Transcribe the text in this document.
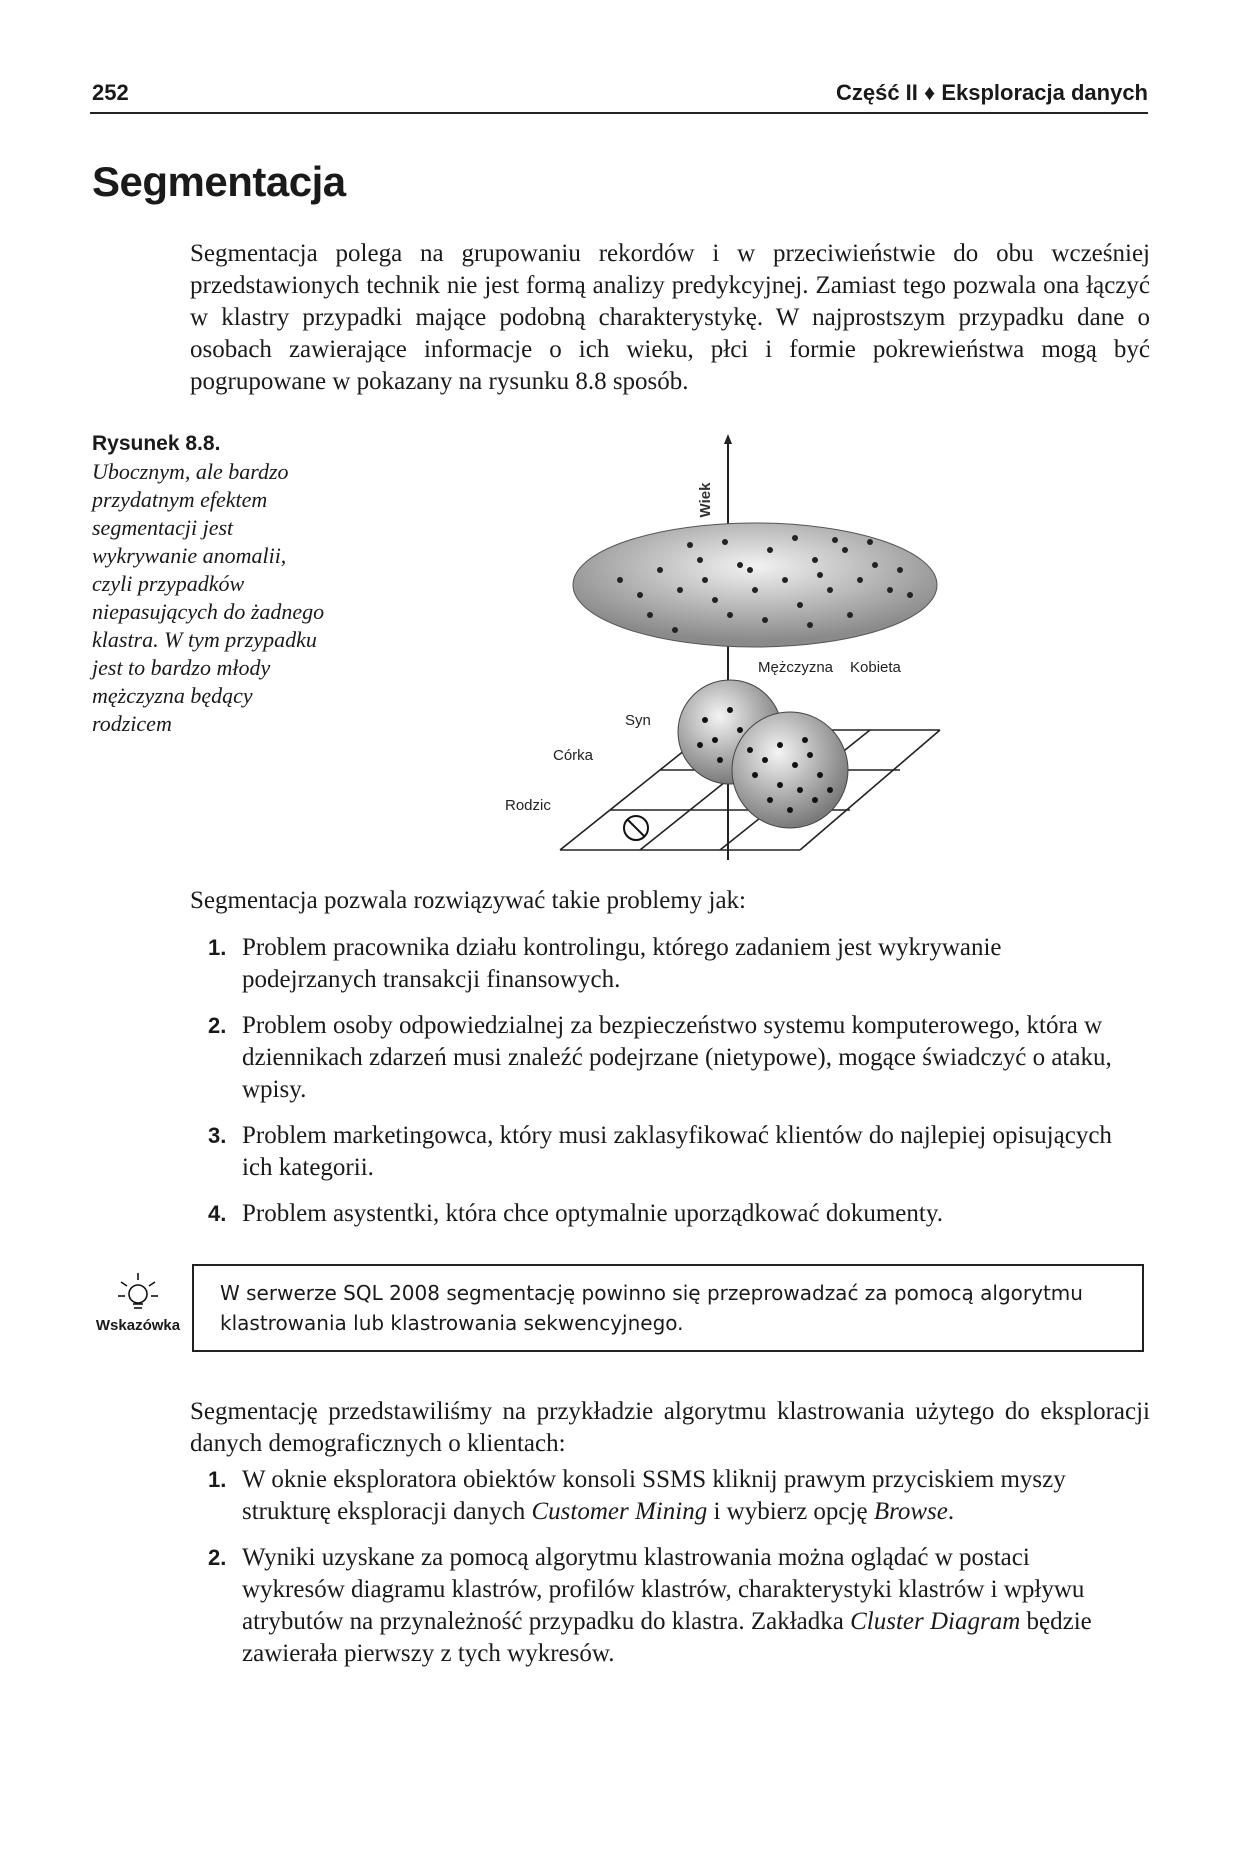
252	Część II ♦ Eksploracja danych
Segmentacja

Segmentacja polega na grupowaniu rekordów i w przeciwieństwie do obu wcześniej przedstawionych technik nie jest formą analizy predykcyjnej. Zamiast tego pozwala ona łączyć w klastry przypadki mające podobną charakterystykę. W najprostszym przypadku dane o osobach zawierające informacje o ich wieku, płci i formie pokrewieństwa mogą być pogrupowane w pokazany na rysunku 8.8 sposób.

Rysunek 8.8.
Ubocznym, ale bardzo przydatnym efektem segmentacji jest wykrywanie anomalii, czyli przypadków niepasujących do żadnego klastra. W tym przypadku jest to bardzo młody mężczyzna będący rodzicem
Wiek
Mężczyzna Kobieta
Syn
Córka
Rodzic

Segmentacja pozwala rozwiązywać takie problemy jak:

1. Problem pracownika działu kontrolingu, którego zadaniem jest wykrywanie podejrzanych transakcji finansowych.
2. Problem osoby odpowiedzialnej za bezpieczeństwo systemu komputerowego, która w dziennikach zdarzeń musi znaleźć podejrzane (nietypowe), mogące świadczyć o ataku, wpisy.
3. Problem marketingowca, który musi zaklasyfikować klientów do najlepiej opisujących ich kategorii.
4. Problem asystentki, która chce optymalnie uporządkować dokumenty.
Wskazówka
W serwerze SQL 2008 segmentację powinno się przeprowadzać za pomocą algorytmu klastrowania lub klastrowania sekwencyjnego.

Segmentację przedstawiliśmy na przykładzie algorytmu klastrowania użytego do eksploracji danych demograficznych o klientach:

1. W oknie eksploratora obiektów konsoli SSMS kliknij prawym przyciskiem myszy strukturę eksploracji danych Customer Mining i wybierz opcję Browse.
2. Wyniki uzyskane za pomocą algorytmu klastrowania można oglądać w postaci wykresów diagramu klastrów, profilów klastrów, charakterystyki klastrów i wpływu atrybutów na przynależność przypadku do klastra. Zakładka Cluster Diagram będzie zawierała pierwszy z tych wykresów.
